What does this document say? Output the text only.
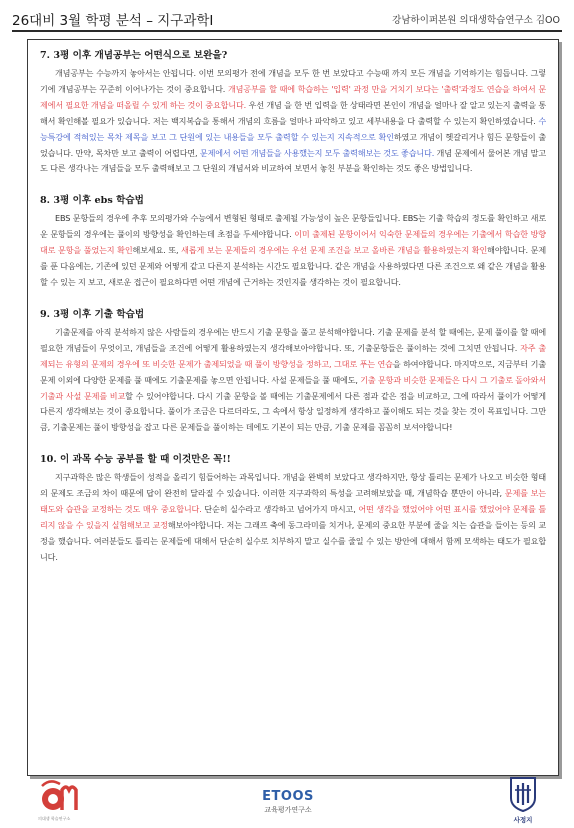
26대비 3월 학평 분석 – 지구과학Ⅰ	강남하이퍼본원 의대생학습연구소 김OO
7. 3평 이후 개념공부는 어떤식으로 보완을?

개념공부는 수능까지 놓아서는 안됩니다. 이번 모의평가 전에 개념을 모두 한 번 보았다고 수능때 까지 모든 개념을 기억하기는 힘듭니다. 그렇기에 개념공부는 꾸준히 이어나가는 것이 중요합니다. 개념공부를 할 때에 학습하는 '입력' 과정 만을 거치기 보다는 '출력'과정도 연습을 하여서 문제에서 필요한 개념을 떠올릴 수 있게 하는 것이 중요합니다. 우선 개념 을 한 번 입력을 한 상태라면 본인이 개념을 얼마나 잘 알고 있는지 출력을 통해서 확인해볼 필요가 있습니다. 저는 백지복습을 통해서 개념의 흐름을 얼마나 파악하고 있고 세부내용을 다 출력할 수 있는지 확인하였습니다. 수능특강에 적혀있는 목차 제목을 보고 그 단원에 있는 내용들을 모두 출력할 수 있는지 지속적으로 확인하였고 개념이 헷갈리거나 힘든 문항들이 출었습니다. 만약, 목차만 보고 출력이 어렵다면, 문제에서 어떤 개념들을 사용했는지 모두 출력해보는 것도 좋습니다. 개념 문제에서 물어본 개념 말고도 다른 생각나는 개념들을 모두 출력해보고 그 단원의 개념서와 비교하여 보면서 놓친 부분을 확인하는 것도 좋은 방법입니다.

8. 3평 이후 ebs 학습법

EBS 문항들의 경우에 추후 모의평가와 수능에서 변형된 형태로 출제될 가능성이 높은 문항들입니다. EBS는 기출 학습의 정도를 확인하고 새로운 문항들의 경우에는 풀이의 방향성을 확인하는데 초점을 두세야합니다. 이미 출제된 문항이어서 익숙한 문제들의 경우에는 기출에서 학습한 방향대로 문항을 풀었는지 확인해보세요. 또, 새롭게 보는 문제들의 경우에는 우선 문제 조건을 보고 올바른 개념을 활용하였는지 확인해야합니다. 문제를 푼 다음에는, 기존에 있던 문제와 어떻게 같고 다른지 분석하는 시간도 필요합니다. 같은 개념을 사용하였다면 다른 조건으로 왜 같은 개념을 활용할 수 있는 지 보고, 새로운 접근이 필요하다면 어떤 개념에 근거하는 것인지를 생각하는 것이 필요합니다.

9. 3평 이후 기출 학습법

기출문제를 아직 분석하지 않은 사람들의 경우에는 반드시 기출 문항을 풀고 분석해야합니다. 기출 문제를 분석 할 때에는, 문제 풀이를 할 때에 필요한 개념들이 무엇이고, 개념들을 조건에 어떻게 활용하였는지 생각해보아야합니다. 또, 기출문항들은 풀이하는 것에 그치면 안됩니다. 자주 출제되는 유형의 문제의 경우에 또 비슷한 문제가 출제되었을 때 풀이 방향성을 정하고, 그대로 푸는 연습을 하여야합니다. 마지막으로, 지금부터 기출 문제 이외에 다양한 문제를 풀 때에도 기출문제를 놓으면 안됩니다. 사설 문제들을 풀 때에도, 기출 문항과 비슷한 문제들은 다시 그 기출로 돌아와서 기출과 사설 문제를 비교할 수 있어야합니다. 다시 기출 문항을 볼 때에는 기출문제에서 다른 점과 같은 점을 비교하고, 그에 따라서 풀이가 어떻게 다른지 생각해보는 것이 중요합니다. 풀이가 조금은 다르더라도, 그 속에서 항상 일정하게 생각하고 풀이해도 되는 것을 찾는 것이 목표입니다. 그만큼, 기출문제는 풀이 방향성을 잡고 다른 문제들을 풀이하는 데에도 기본이 되는 만큼, 기출 문제를 꼼꼼히 보셔야합니다!

10. 이 과목 수능 공부를 할 때 이것만은 꼭!!

지구과학은 많은 학생들이 성적을 올리기 힘들어하는 과목입니다. 개념을 완벽히 보았다고 생각하지만, 항상 틀리는 문제가 나오고 비슷한 형태의 문제도 조금의 차이 때문에 답이 완전히 달라질 수 있습니다. 이러한 지구과학의 특성을 고려해보았을 때, 개념학습 뿐만이 아니라, 문제를 보는 태도와 습관을 교정하는 것도 매우 중요합니다. 단순히 실수라고 생각하고 넘어가지 마시고, 어떤 생각을 했었어야 어떤 표시를 했었어야 문제를 틀리지 않을 수 있을지 실험해보고 교정해보아야합니다. 저는 그래프 축에 동그라미를 치거나, 문제의 중요한 부분에 줄을 치는 습관을 들이는 등의 교정을 했습니다. 여러분들도 틀리는 문제들에 대해서 단순히 실수로 치부하지 말고 실수를 줄일 수 있는 방안에 대해서 함께 모색하는 태도가 필요합니다.

의대생 학습연구소
ETOOS
교육평가연구소
사정지
